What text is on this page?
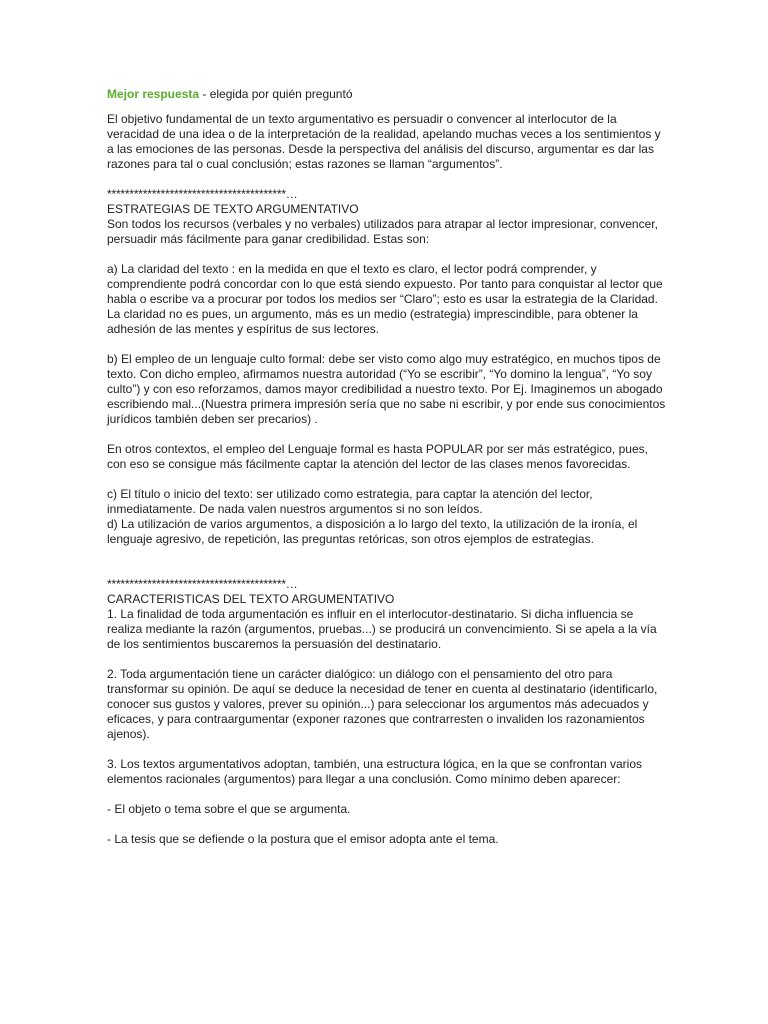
Mejor respuesta - elegida por quién preguntó

El objetivo fundamental de un texto argumentativo es persuadir o convencer al interlocutor de la veracidad de una idea o de la interpretación de la realidad, apelando muchas veces a los sentimientos y a las emociones de las personas. Desde la perspectiva del análisis del discurso, argumentar es dar las razones para tal o cual conclusión; estas razones se llaman “argumentos”.

****************************************…

ESTRATEGIAS DE TEXTO ARGUMENTATIVO

Son todos los recursos (verbales y no verbales) utilizados para atrapar al lector impresionar, convencer, persuadir más fácilmente para ganar credibilidad. Estas son:

a) La claridad del texto : en la medida en que el texto es claro, el lector podrá comprender, y comprendiente podrá concordar con lo que está siendo expuesto. Por tanto para conquistar al lector que habla o escribe va a procurar por todos los medios ser “Claro”; esto es usar la estrategia de la Claridad. La claridad no es pues, un argumento, más es un medio (estrategia) imprescindible, para obtener la adhesión de las mentes y espíritus de sus lectores.

b) El empleo de un lenguaje culto formal: debe ser visto como algo muy estratégico, en muchos tipos de texto. Con dicho empleo, afirmamos nuestra autoridad (“Yo se escribir”, “Yo domino la lengua”, “Yo soy culto”) y con eso reforzamos, damos mayor credibilidad a nuestro texto. Por Ej. Imaginemos un abogado escribiendo mal...(Nuestra primera impresión sería que no sabe ni escribir, y por ende sus conocimientos jurídicos también deben ser precarios) .

En otros contextos, el empleo del Lenguaje formal es hasta POPULAR por ser más estratégico, pues, con eso se consigue más fácilmente captar la atención del lector de las clases menos favorecidas.

c) El título o inicio del texto: ser utilizado como estrategia, para captar la atención del lector, inmediatamente. De nada valen nuestros argumentos si no son leídos.

d) La utilización de varios argumentos, a disposición a lo largo del texto, la utilización de la ironía, el lenguaje agresivo, de repetición, las preguntas retóricas, son otros ejemplos de estrategias.

****************************************…

CARACTERISTICAS DEL TEXTO ARGUMENTATIVO

1. La finalidad de toda argumentación es influir en el interlocutor-destinatario. Si dicha influencia se realiza mediante la razón (argumentos, pruebas...) se producirá un convencimiento. Si se apela a la vía de los sentimientos buscaremos la persuasión del destinatario.

2. Toda argumentación tiene un carácter dialógico: un diálogo con el pensamiento del otro para transformar su opinión. De aquí se deduce la necesidad de tener en cuenta al destinatario (identificarlo, conocer sus gustos y valores, prever su opinión...) para seleccionar los argumentos más adecuados y eficaces, y para contraargumentar (exponer razones que contrarresten o invaliden los razonamientos ajenos).

3. Los textos argumentativos adoptan, también, una estructura lógica, en la que se confrontan varios elementos racionales (argumentos) para llegar a una conclusión. Como mínimo deben aparecer:

- El objeto o tema sobre el que se argumenta.

- La tesis que se defiende o la postura que el emisor adopta ante el tema.
